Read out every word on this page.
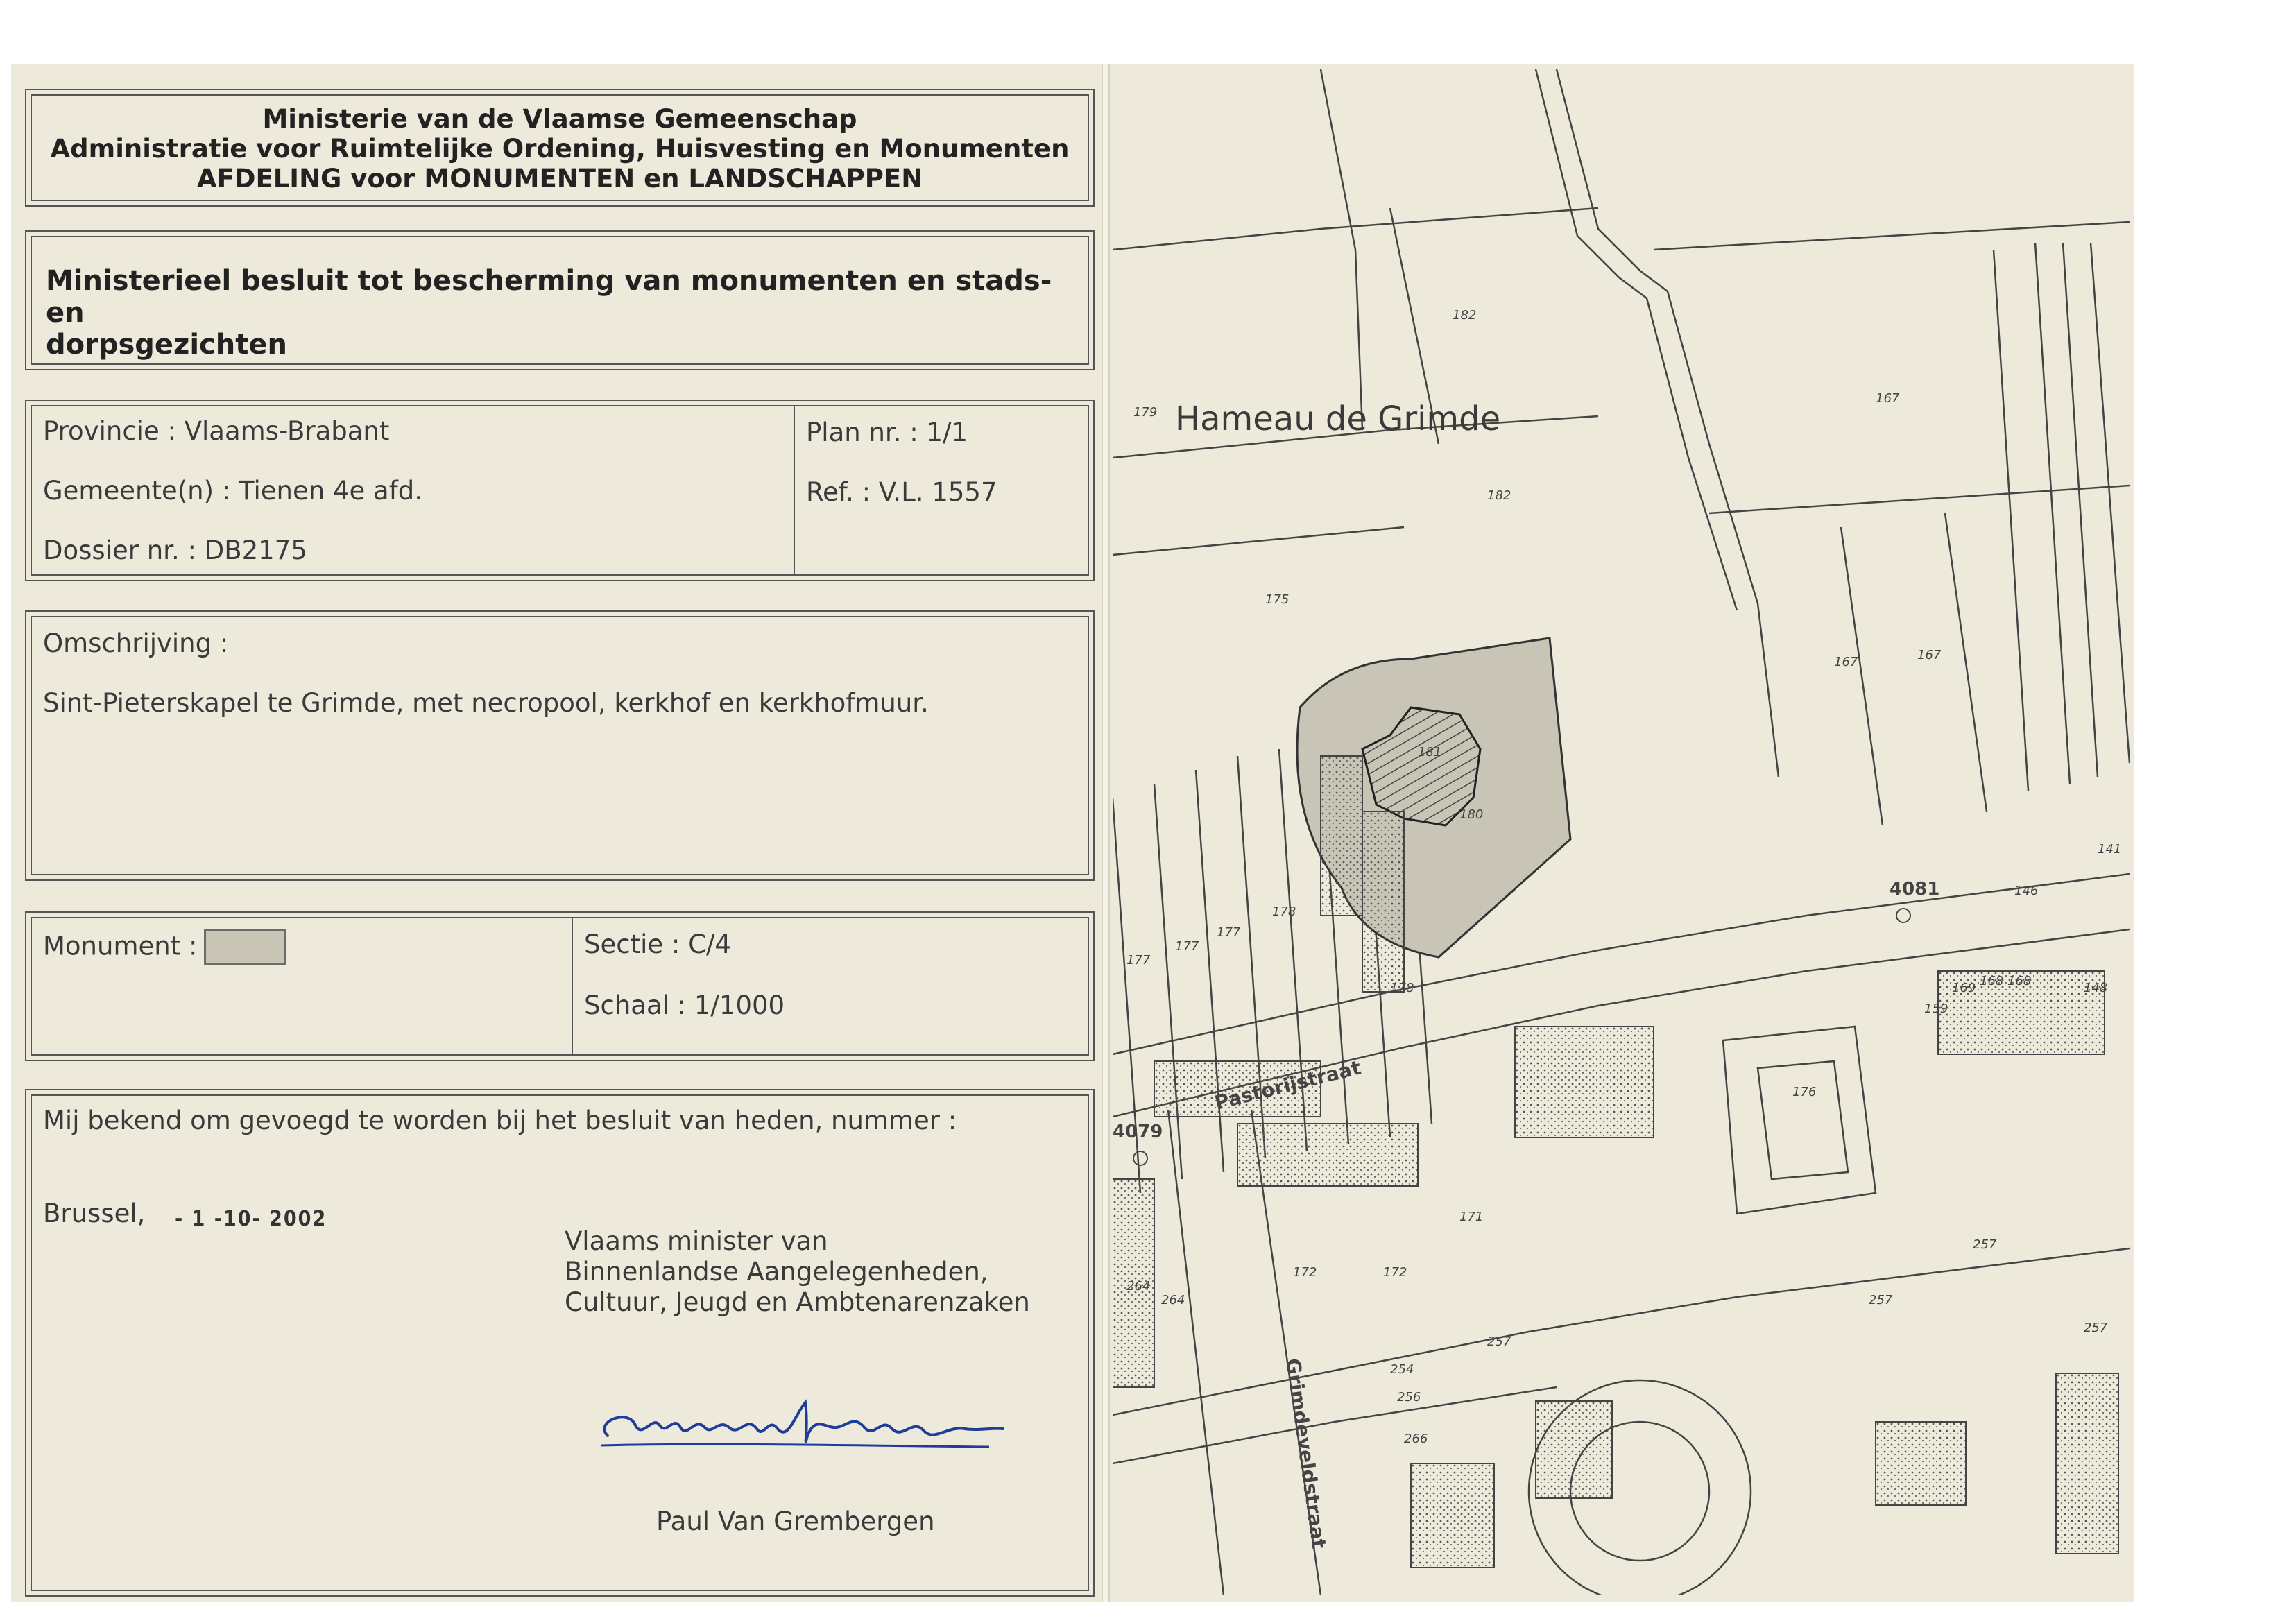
Ministerie van de Vlaamse Gemeenschap

Administratie voor Ruimtelijke Ordening, Huisvesting en Monumenten

AFDELING voor MONUMENTEN en LANDSCHAPPEN

Ministerieel besluit tot bescherming van monumenten en stads- en
dorpsgezichten
Provincie : Vlaams-Brabant
Gemeente(n) : Tienen 4e afd.
Dossier nr. : DB2175
Plan nr. : 1/1
Ref. : V.L. 1557
Omschrijving :
Sint-Pieterskapel te Grimde, met necropool, kerkhof en kerkhofmuur.
Monument :	Sectie : C/4
Schaal : 1/1000
Mij bekend om gevoegd te worden bij het besluit van heden, nummer :
Brussel, - 1 -10- 2002
Vlaams minister van
Binnenlandse Aangelegenheden,
Cultuur, Jeugd en Ambtenarenzaken
Paul Van Grembergen
Hameau de Grimde
Pastorijstraat
Grimdeveldstraat
4081
4079
179
182
182
167
175
167	167
180
181
177
177
177
178
178
172	172
171
176
159
168 168
169
257
257
257
257
264
264
254
256
266
148
146
141
